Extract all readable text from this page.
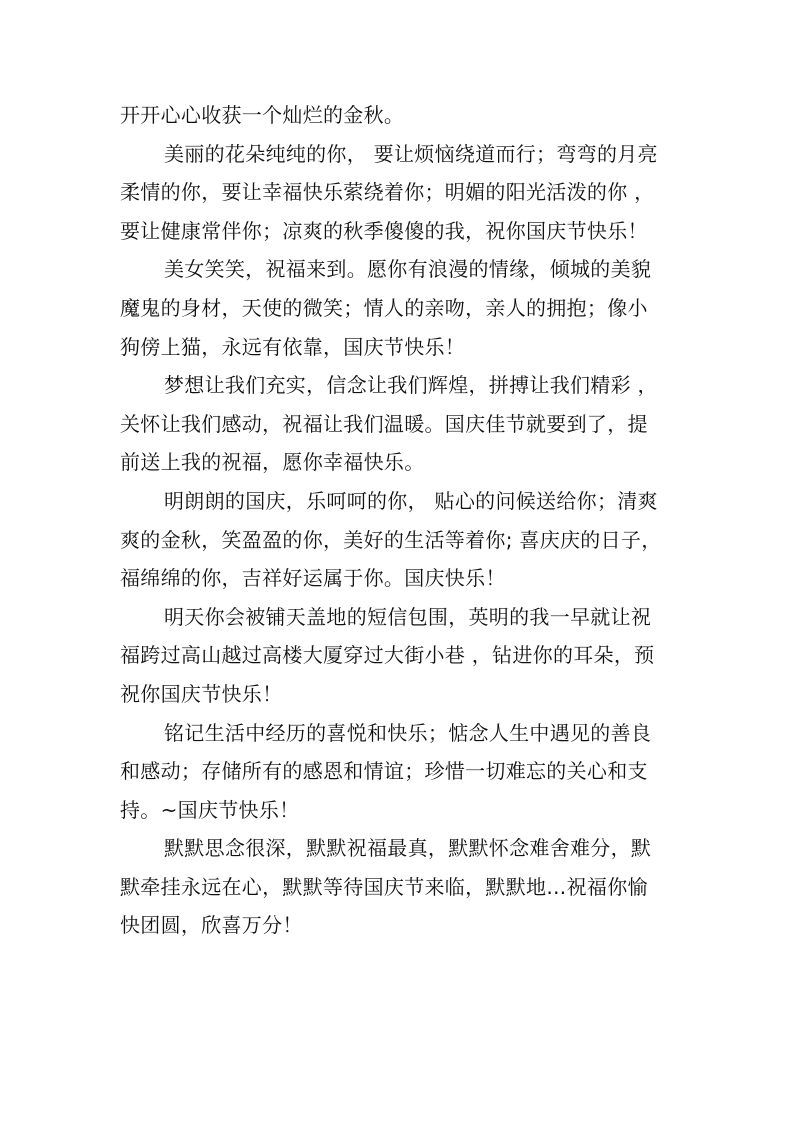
开开心心收获一个灿烂的金秋。
美丽的花朵纯纯的你， 要让烦恼绕道而行；弯弯的月亮
柔情的你，要让幸福快乐萦绕着你；明媚的阳光活泼的你 ，
要让健康常伴你；凉爽的秋季傻傻的我，祝你国庆节快乐！
美女笑笑，祝福来到。愿你有浪漫的情缘，倾城的美貌
魔鬼的身材，天使的微笑；情人的亲吻，亲人的拥抱；像小
狗傍上猫，永远有依靠，国庆节快乐！
梦想让我们充实，信念让我们辉煌，拼搏让我们精彩 ，
关怀让我们感动，祝福让我们温暖。国庆佳节就要到了，提
前送上我的祝福，愿你幸福快乐。
明朗朗的国庆，乐呵呵的你， 贴心的问候送给你；清爽
爽的金秋，笑盈盈的你，美好的生活等着你; 喜庆庆的日子，
福绵绵的你，吉祥好运属于你。国庆快乐！
明天你会被铺天盖地的短信包围，英明的我一早就让祝
福跨过高山越过高楼大厦穿过大街小巷 ，钻进你的耳朵，预
祝你国庆节快乐！
铭记生活中经历的喜悦和快乐；惦念人生中遇见的善良
和感动；存储所有的感恩和情谊；珍惜一切难忘的关心和支
持。~国庆节快乐！
默默思念很深，默默祝福最真，默默怀念难舍难分，默
默牵挂永远在心，默默等待国庆节来临，默默地…祝福你愉
快团圆，欣喜万分！
